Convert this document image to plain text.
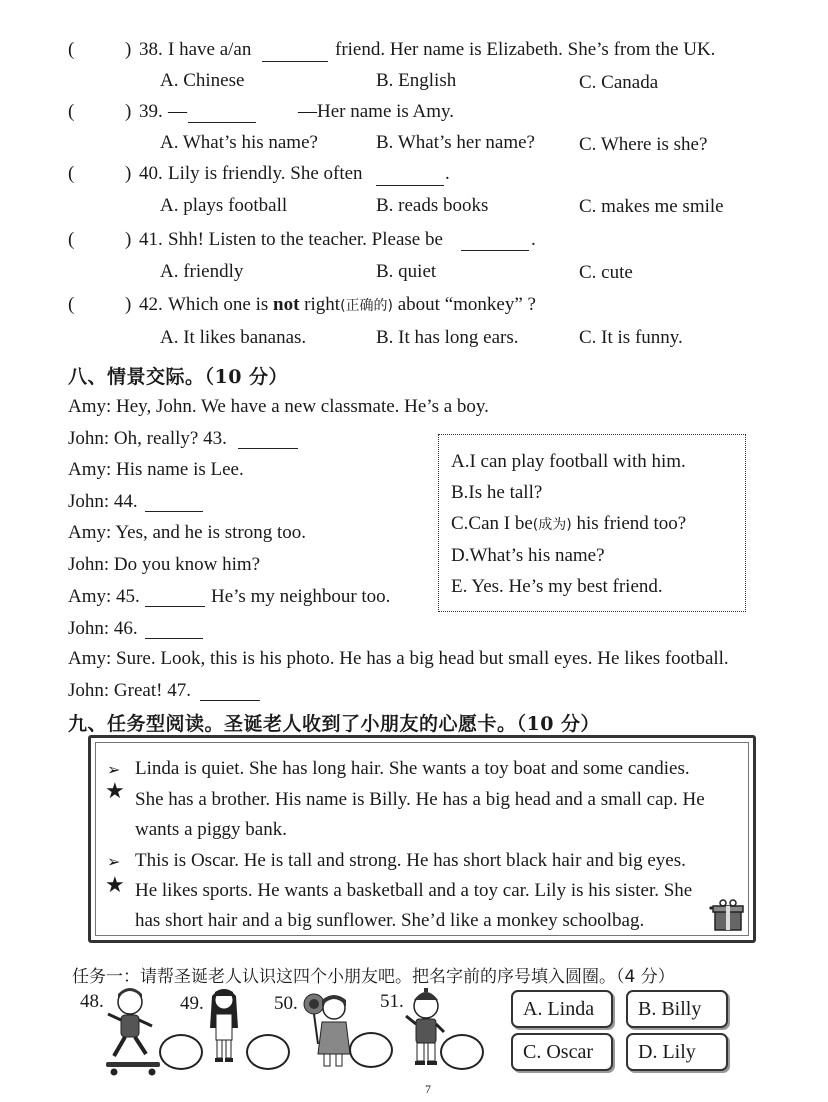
(	) 38. I have a/an	friend. Her name is Elizabeth. She’s from the UK.
A. Chinese	B. English	C. Canada
(	) 39. —	—Her name is Amy.
A. What’s his name?	B. What’s her name? C. Where is she?
(	) 40. Lily is friendly. She often	.
A. plays football	B. reads books	C. makes me smile
(	) 41. Shh! Listen to the teacher. Please be	.
A. friendly	B. quiet	C. cute
(	) 42. Which one is not right(正确的) about “monkey” ?
A. It likes bananas.	B. It has long ears.	C. It is funny.
八、情景交际。（10 分）
Amy: Hey, John. We have a new classmate. He’s a boy.
John: Oh, really? 43.
Amy: His name is Lee.
John: 44.
Amy: Yes, and he is strong too.
John: Do you know him?
Amy: 45.	He’s my neighbour too.
John: 46.
Amy: Sure. Look, this is his photo. He has a big head but small eyes. He likes football.
John: Great! 47.
A.I can play football with him.
B.Is he tall?
C.Can I be(成为) his friend too?
D.What’s his name?
E. Yes. He’s my best friend.
九、任务型阅读。圣诞老人收到了小朋友的心愿卡。（10 分）
➢
★
Linda is quiet. She has long hair. She wants a toy boat and some candies.
She has a brother. His name is Billy. He has a big head and a small cap. He
wants a piggy bank.
➢
★
This is Oscar. He is tall and strong. He has short black hair and big eyes.
He likes sports. He wants a basketball and a toy car. Lily is his sister. She
has short hair and a big sunflower. She’d like a monkey schoolbag.
任务一：请帮圣诞老人认识这四个小朋友吧。把名字前的序号填入圆圈。（4 分）
48.	49.	50.	51.	A. Linda	B. Billy
C. Oscar	D. Lily
7
